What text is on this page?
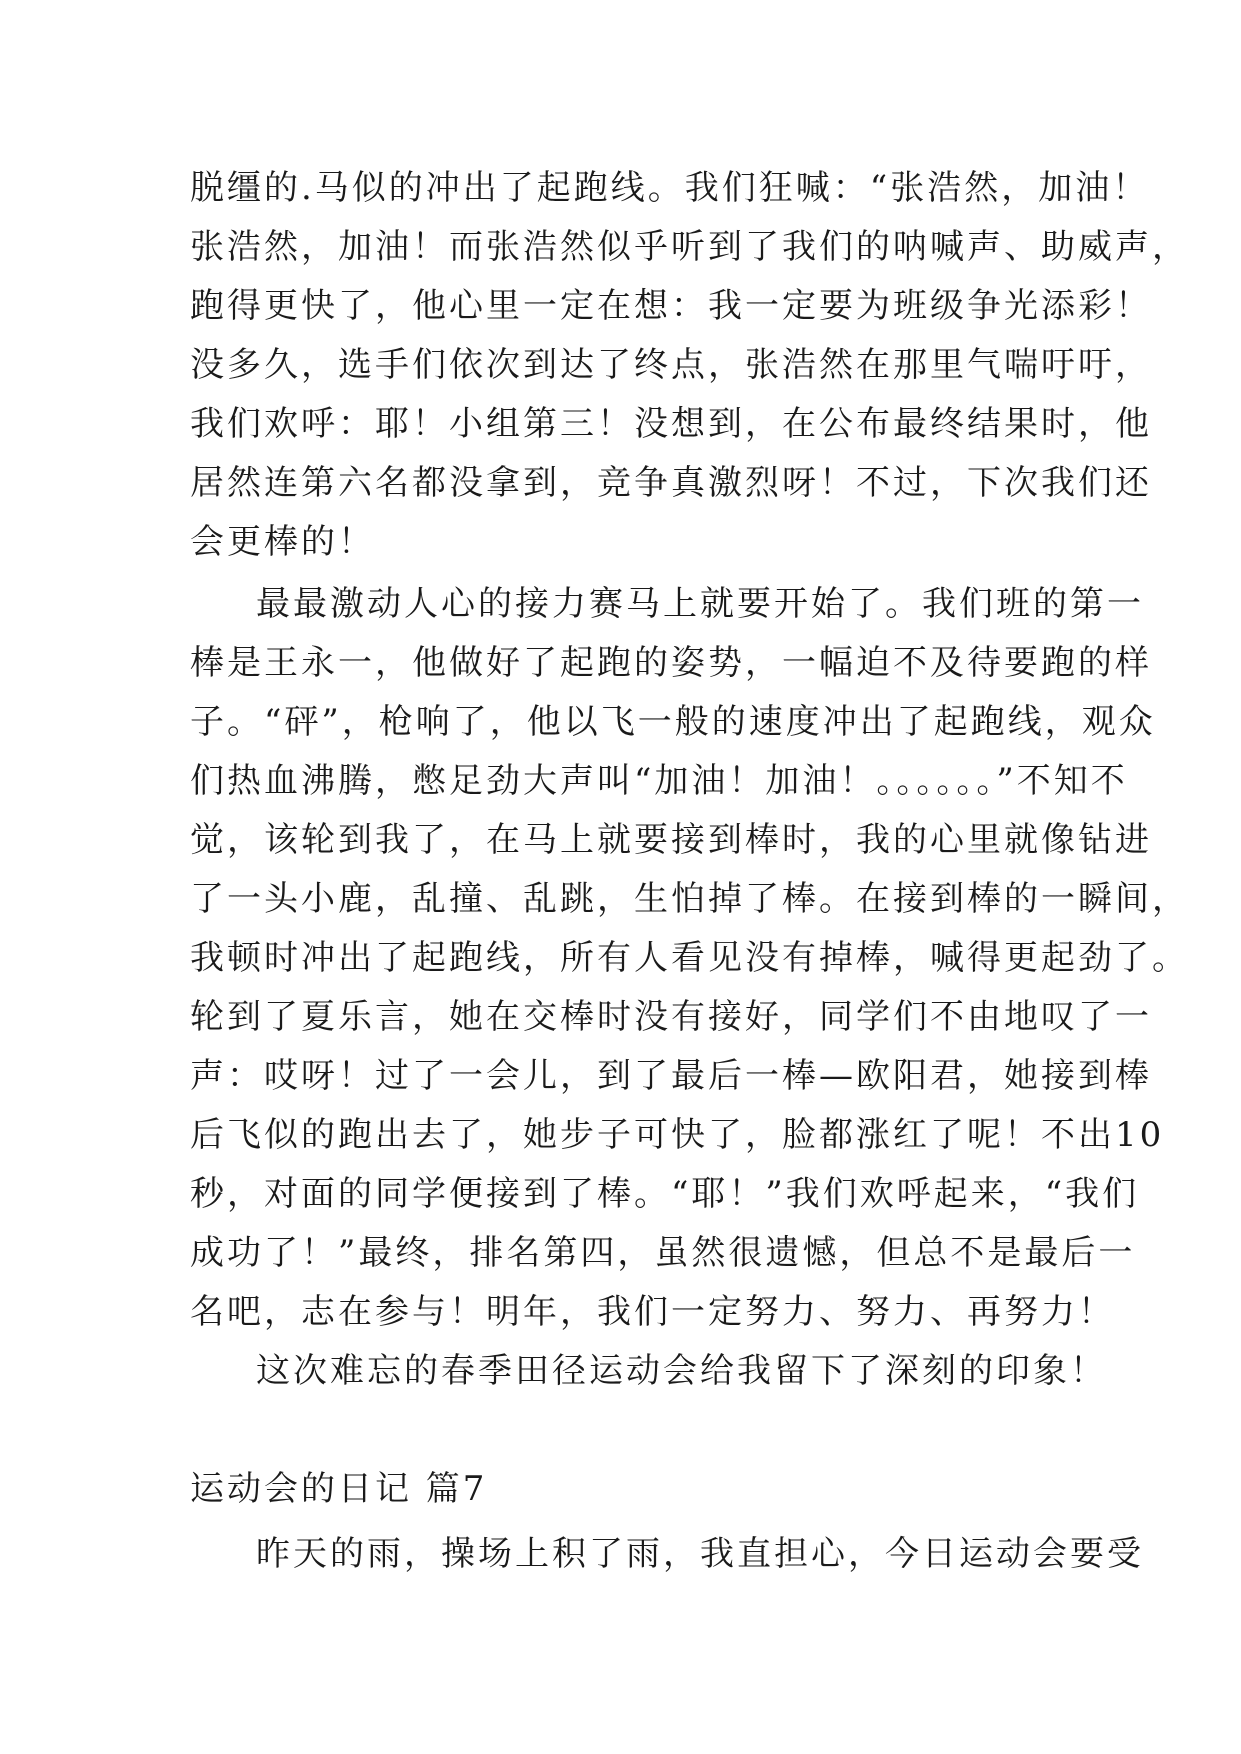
脱缰的.马似的冲出了起跑线。我们狂喊：“张浩然，加油！
张浩然，加油！而张浩然似乎听到了我们的呐喊声、助威声，
跑得更快了，他心里一定在想：我一定要为班级争光添彩！
没多久，选手们依次到达了终点，张浩然在那里气喘吁吁，
我们欢呼：耶！小组第三！没想到，在公布最终结果时，他
居然连第六名都没拿到，竞争真激烈呀！不过，下次我们还
会更棒的！
最最激动人心的接力赛马上就要开始了。我们班的第一
棒是王永一，他做好了起跑的姿势，一幅迫不及待要跑的样
子。“砰”，枪响了，他以飞一般的速度冲出了起跑线，观众
们热血沸腾，憋足劲大声叫“加油！加油！。。。。。。”不知不
觉，该轮到我了，在马上就要接到棒时，我的心里就像钻进
了一头小鹿，乱撞、乱跳，生怕掉了棒。在接到棒的一瞬间，
我顿时冲出了起跑线，所有人看见没有掉棒，喊得更起劲了。
轮到了夏乐言，她在交棒时没有接好，同学们不由地叹了一
声：哎呀！过了一会儿，到了最后一棒—欧阳君，她接到棒
后飞似的跑出去了，她步子可快了，脸都涨红了呢！不出10
秒，对面的同学便接到了棒。“耶！”我们欢呼起来，“我们
成功了！”最终，排名第四，虽然很遗憾，但总不是最后一
名吧，志在参与！明年，我们一定努力、努力、再努力！
这次难忘的春季田径运动会给我留下了深刻的印象！
运动会的日记 篇7
昨天的雨，操场上积了雨，我直担心，今日运动会要受
